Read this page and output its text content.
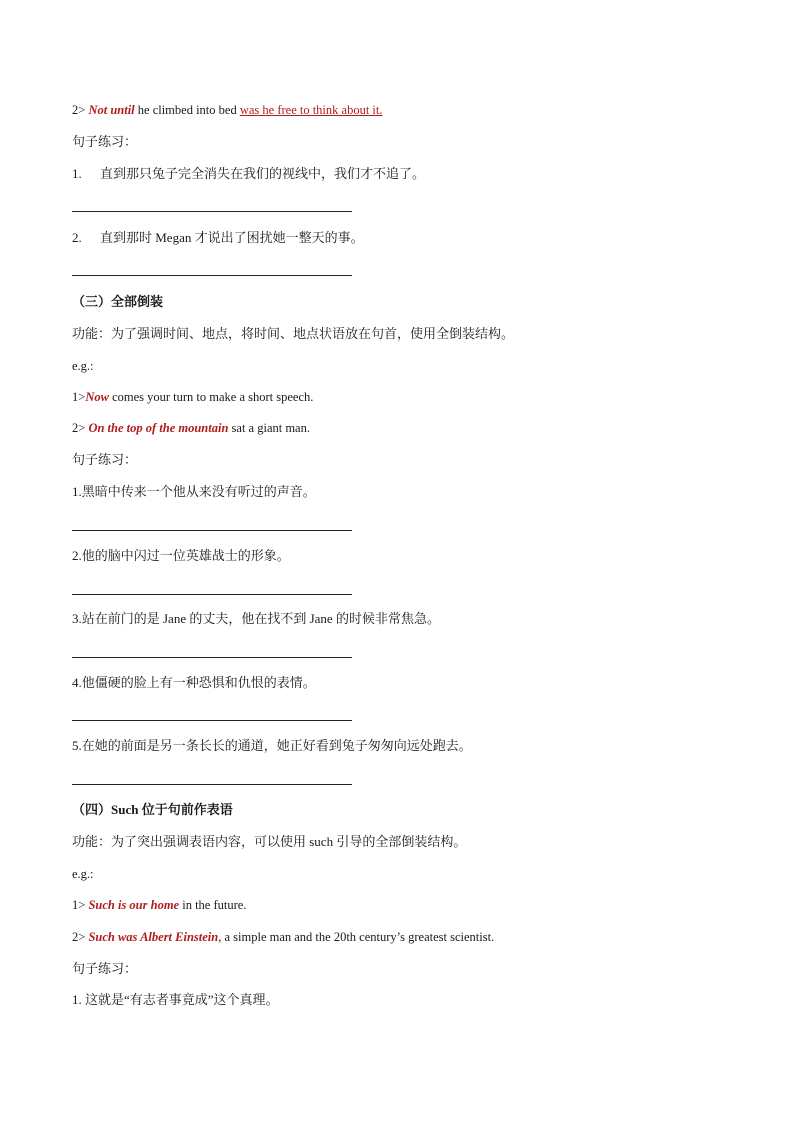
2> Not until he climbed into bed was he free to think about it.
句子练习：
1. 直到那只兔子完全消失在我们的视线中，我们才不追了。
2. 直到那时 Megan 才说出了困扰她一整天的事。
（三）全部倒装
功能：为了强调时间、地点，将时间、地点状语放在句首，使用全倒装结构。
e.g.:
1>Now comes your turn to make a short speech.
2> On the top of the mountain sat a giant man.
句子练习：
1.黑暗中传来一个他从来没有听过的声音。
2.他的脑中闪过一位英雄战士的形象。
3.站在前门的是 Jane 的丈夫，他在找不到 Jane 的时候非常焦急。
4.他僵硬的脸上有一种恐惧和仇恨的表情。
5.在她的前面是另一条长长的通道，她正好看到兔子匆匆向远处跑去。
（四）Such 位于句前作表语
功能：为了突出强调表语内容，可以使用 such 引导的全部倒装结构。
e.g.:
1> Such is our home in the future.
2> Such was Albert Einstein, a simple man and the 20th century’s greatest scientist.
句子练习：
1. 这就是“有志者事竟成”这个真理。
